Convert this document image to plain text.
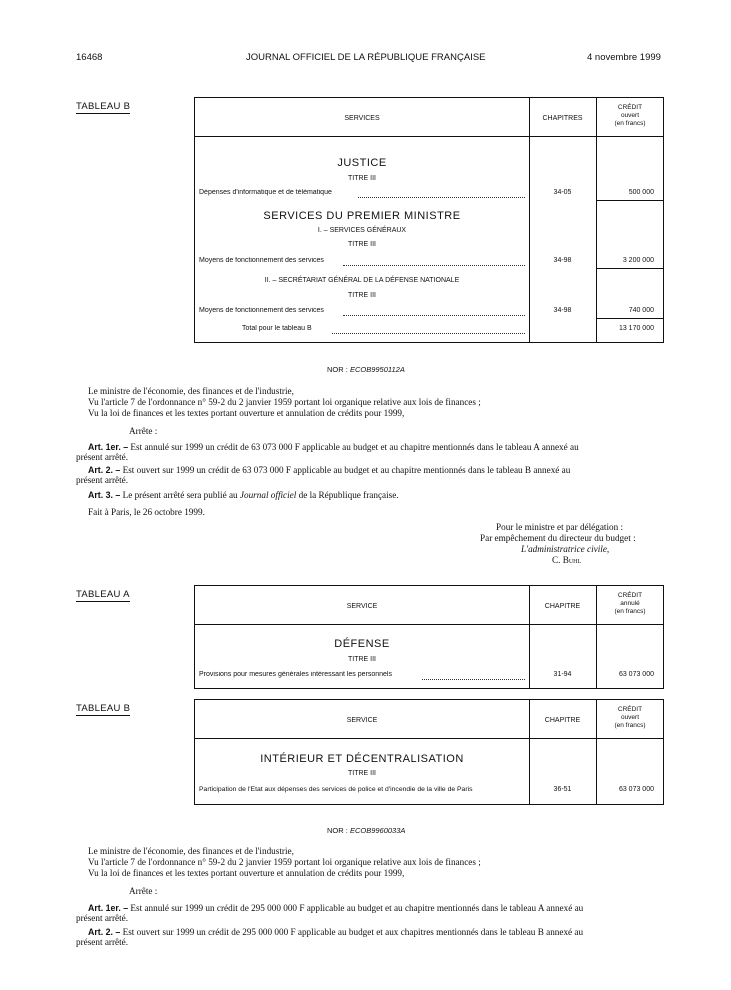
16468	JOURNAL OFFICIEL DE LA RÉPUBLIQUE FRANÇAISE	4 novembre 1999
TABLEAU B
SERVICES	CHAPITRES
CRÉDIT
ouvert
(en francs)
JUSTICE
TITRE III
Dépenses d'informatique et de télématique	34-05	500 000
SERVICES DU PREMIER MINISTRE
I. – SERVICES GÉNÉRAUX
TITRE III
Moyens de fonctionnement des services	34-98	3 200 000
II. – SECRÉTARIAT GÉNÉRAL DE LA DÉFENSE NATIONALE
TITRE III
Moyens de fonctionnement des services	34-98	740 000
Total pour le tableau B	13 170 000
NOR : ECOB9950112A
Le ministre de l'économie, des finances et de l'industrie,
Vu l'article 7 de l'ordonnance n° 59-2 du 2 janvier 1959 portant loi organique relative aux lois de finances ;
Vu la loi de finances et les textes portant ouverture et annulation de crédits pour 1999,
Arrête :
Art. 1er. – Est annulé sur 1999 un crédit de 63 073 000 F applicable au budget et au chapitre mentionnés dans le tableau A annexé au
présent arrêté.
Art. 2. – Est ouvert sur 1999 un crédit de 63 073 000 F applicable au budget et au chapitre mentionnés dans le tableau B annexé au
présent arrêté.
Art. 3. – Le présent arrêté sera publié au Journal officiel de la République française.
Fait à Paris, le 26 octobre 1999.
Pour le ministre et par délégation :
Par empêchement du directeur du budget :
L'administratrice civile,
C. Buhl
TABLEAU A
SERVICE	CHAPITRE
CRÉDIT
annulé
(en francs)
DÉFENSE
TITRE III
Provisions pour mesures générales intéressant les personnels	31-94	63 073 000
TABLEAU B
SERVICE	CHAPITRE
CRÉDIT
ouvert
(en francs)
INTÉRIEUR ET DÉCENTRALISATION
TITRE III
Participation de l'Etat aux dépenses des services de police et d'incendie de la ville de Paris	36-51	63 073 000
NOR : ECOB9960033A
Le ministre de l'économie, des finances et de l'industrie,
Vu l'article 7 de l'ordonnance n° 59-2 du 2 janvier 1959 portant loi organique relative aux lois de finances ;
Vu la loi de finances et les textes portant ouverture et annulation de crédits pour 1999,
Arrête :
Art. 1er. – Est annulé sur 1999 un crédit de 295 000 000 F applicable au budget et au chapitre mentionnés dans le tableau A annexé au
présent arrêté.
Art. 2. – Est ouvert sur 1999 un crédit de 295 000 000 F applicable au budget et aux chapitres mentionnés dans le tableau B annexé au
présent arrêté.
